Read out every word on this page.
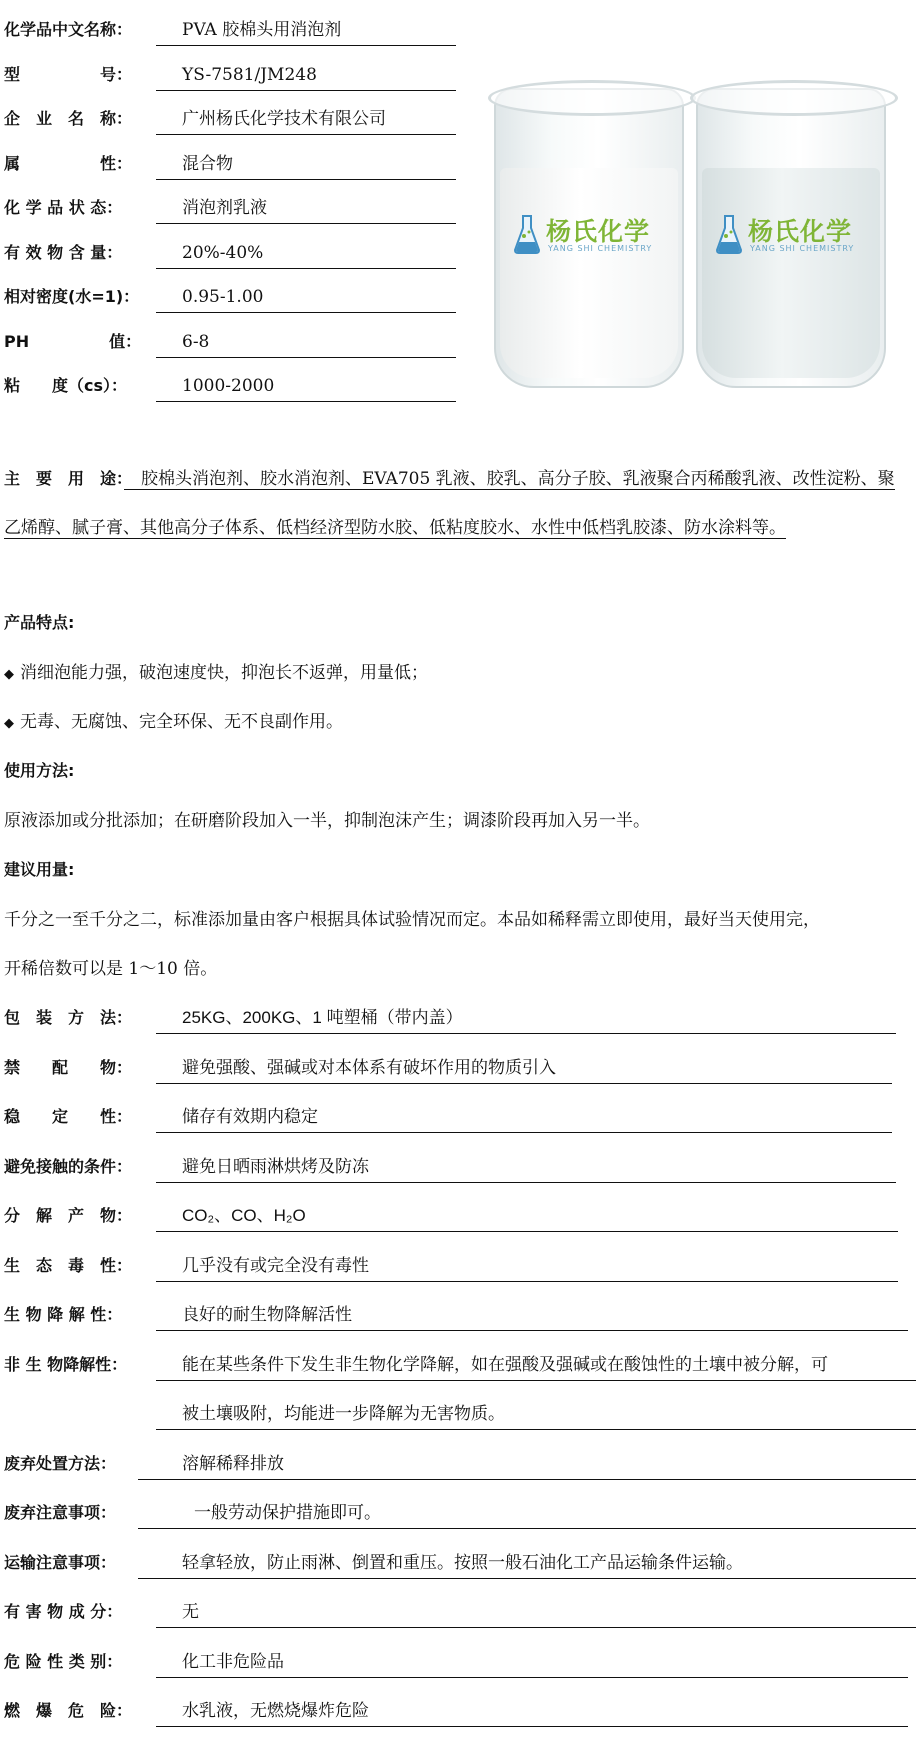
化学品中文名称：	PVA 胶棉头用消泡剂
型　　　　　号：	YS-7581/JM248
企　业　名　称：	广州杨氏化学技术有限公司
属　　　　　性：	混合物
化 学 品 状 态：	消泡剂乳液
有 效 物 含 量：	20%-40%
相对密度(水=1)：	0.95-1.00
PH　　　　　值：	6-8
粘　　度（cs）：	1000-2000
杨氏化学
YANG SHI CHEMISTRY
杨氏化学
YANG SHI CHEMISTRY
主　要　用　途：　胶棉头消泡剂、胶水消泡剂、EVA705 乳液、胶乳、高分子胶、乳液聚合丙稀酸乳液、改性淀粉、聚乙烯醇、腻子膏、其他高分子体系、低档经济型防水胶、低粘度胶水、水性中低档乳胶漆、防水涂料等。
产品特点:
◆ 消细泡能力强，破泡速度快，抑泡长不返弹，用量低；
◆ 无毒、无腐蚀、完全环保、无不良副作用。
使用方法:
原液添加或分批添加；在研磨阶段加入一半，抑制泡沫产生；调漆阶段再加入另一半。
建议用量:
千分之一至千分之二，标准添加量由客户根据具体试验情况而定。本品如稀释需立即使用，最好当天使用完，
开稀倍数可以是 1～10 倍。
包　装　方　法：	25KG、200KG、1 吨塑桶（带内盖）
禁　　配　　物：	避免强酸、强碱或对本体系有破坏作用的物质引入
稳　　定　　性：	储存有效期内稳定
避免接触的条件：	避免日晒雨淋烘烤及防冻
分　解　产　物：	CO₂、CO、H₂O
生　态　毒　性：	几乎没有或完全没有毒性
生 物 降 解 性：	良好的耐生物降解活性
非 生 物降解性：	能在某些条件下发生非生物化学降解，如在强酸及强碱或在酸蚀性的土壤中被分解，可
被土壤吸附，均能进一步降解为无害物质。
废弃处置方法：	溶解稀释排放
废弃注意事项：	一般劳动保护措施即可。
运输注意事项：	轻拿轻放，防止雨淋、倒置和重压。按照一般石油化工产品运输条件运输。
有 害 物 成 分：	无
危 险 性 类 别：	化工非危险品
燃　爆　危　险：	水乳液，无燃烧爆炸危险
